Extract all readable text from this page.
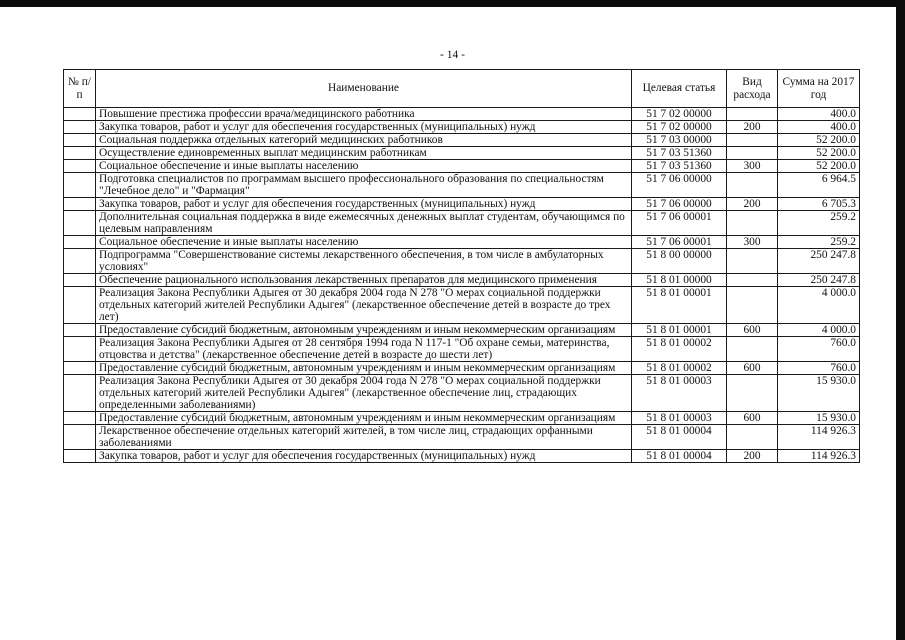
- 14 -
№ п/п	Наименование	Целевая статья	Вид расхода	Сумма на 2017 год
	Повышение престижа профессии врача/медицинского работника	51 7 02 00000		400.0
	Закупка товаров, работ и услуг для обеспечения государственных (муниципальных) нужд	51 7 02 00000	200	400.0
	Социальная поддержка отдельных категорий медицинских работников	51 7 03 00000		52 200.0
	Осуществление единовременных выплат медицинским работникам	51 7 03 51360		52 200.0
	Социальное обеспечение и иные выплаты населению	51 7 03 51360	300	52 200.0
	Подготовка специалистов по программам высшего профессионального образования по специальностям "Лечебное дело" и "Фармация"	51 7 06 00000		6 964.5
	Закупка товаров, работ и услуг для обеспечения государственных (муниципальных) нужд	51 7 06 00000	200	6 705.3
	Дополнительная социальная поддержка в виде ежемесячных денежных выплат студентам, обучающимся по целевым направлениям	51 7 06 00001		259.2
	Социальное обеспечение и иные выплаты населению	51 7 06 00001	300	259.2
	Подпрограмма "Совершенствование системы лекарственного обеспечения, в том числе в амбулаторных условиях"	51 8 00 00000		250 247.8
	Обеспечение рационального использования лекарственных препаратов для медицинского применения	51 8 01 00000		250 247.8
	Реализация Закона Республики Адыгея от 30 декабря 2004 года N 278 "О мерах социальной поддержки отдельных категорий жителей Республики Адыгея" (лекарственное обеспечение детей в возрасте до трех лет)	51 8 01 00001		4 000.0
	Предоставление субсидий бюджетным, автономным учреждениям и иным некоммерческим организациям	51 8 01 00001	600	4 000.0
	Реализация Закона Республики Адыгея от 28 сентября 1994 года N 117-1 "Об охране семьи, материнства, отцовства и детства" (лекарственное обеспечение детей в возрасте до шести лет)	51 8 01 00002		760.0
	Предоставление субсидий бюджетным, автономным учреждениям и иным некоммерческим организациям	51 8 01 00002	600	760.0
	Реализация Закона Республики Адыгея от 30 декабря 2004 года N 278 "О мерах социальной поддержки отдельных категорий жителей Республики Адыгея" (лекарственное обеспечение лиц, страдающих определенными заболеваниями)	51 8 01 00003		15 930.0
	Предоставление субсидий бюджетным, автономным учреждениям и иным некоммерческим организациям	51 8 01 00003	600	15 930.0
	Лекарственное обеспечение отдельных категорий жителей, в том числе лиц, страдающих орфанными заболеваниями	51 8 01 00004		114 926.3
	Закупка товаров, работ и услуг для обеспечения государственных (муниципальных) нужд	51 8 01 00004	200	114 926.3
